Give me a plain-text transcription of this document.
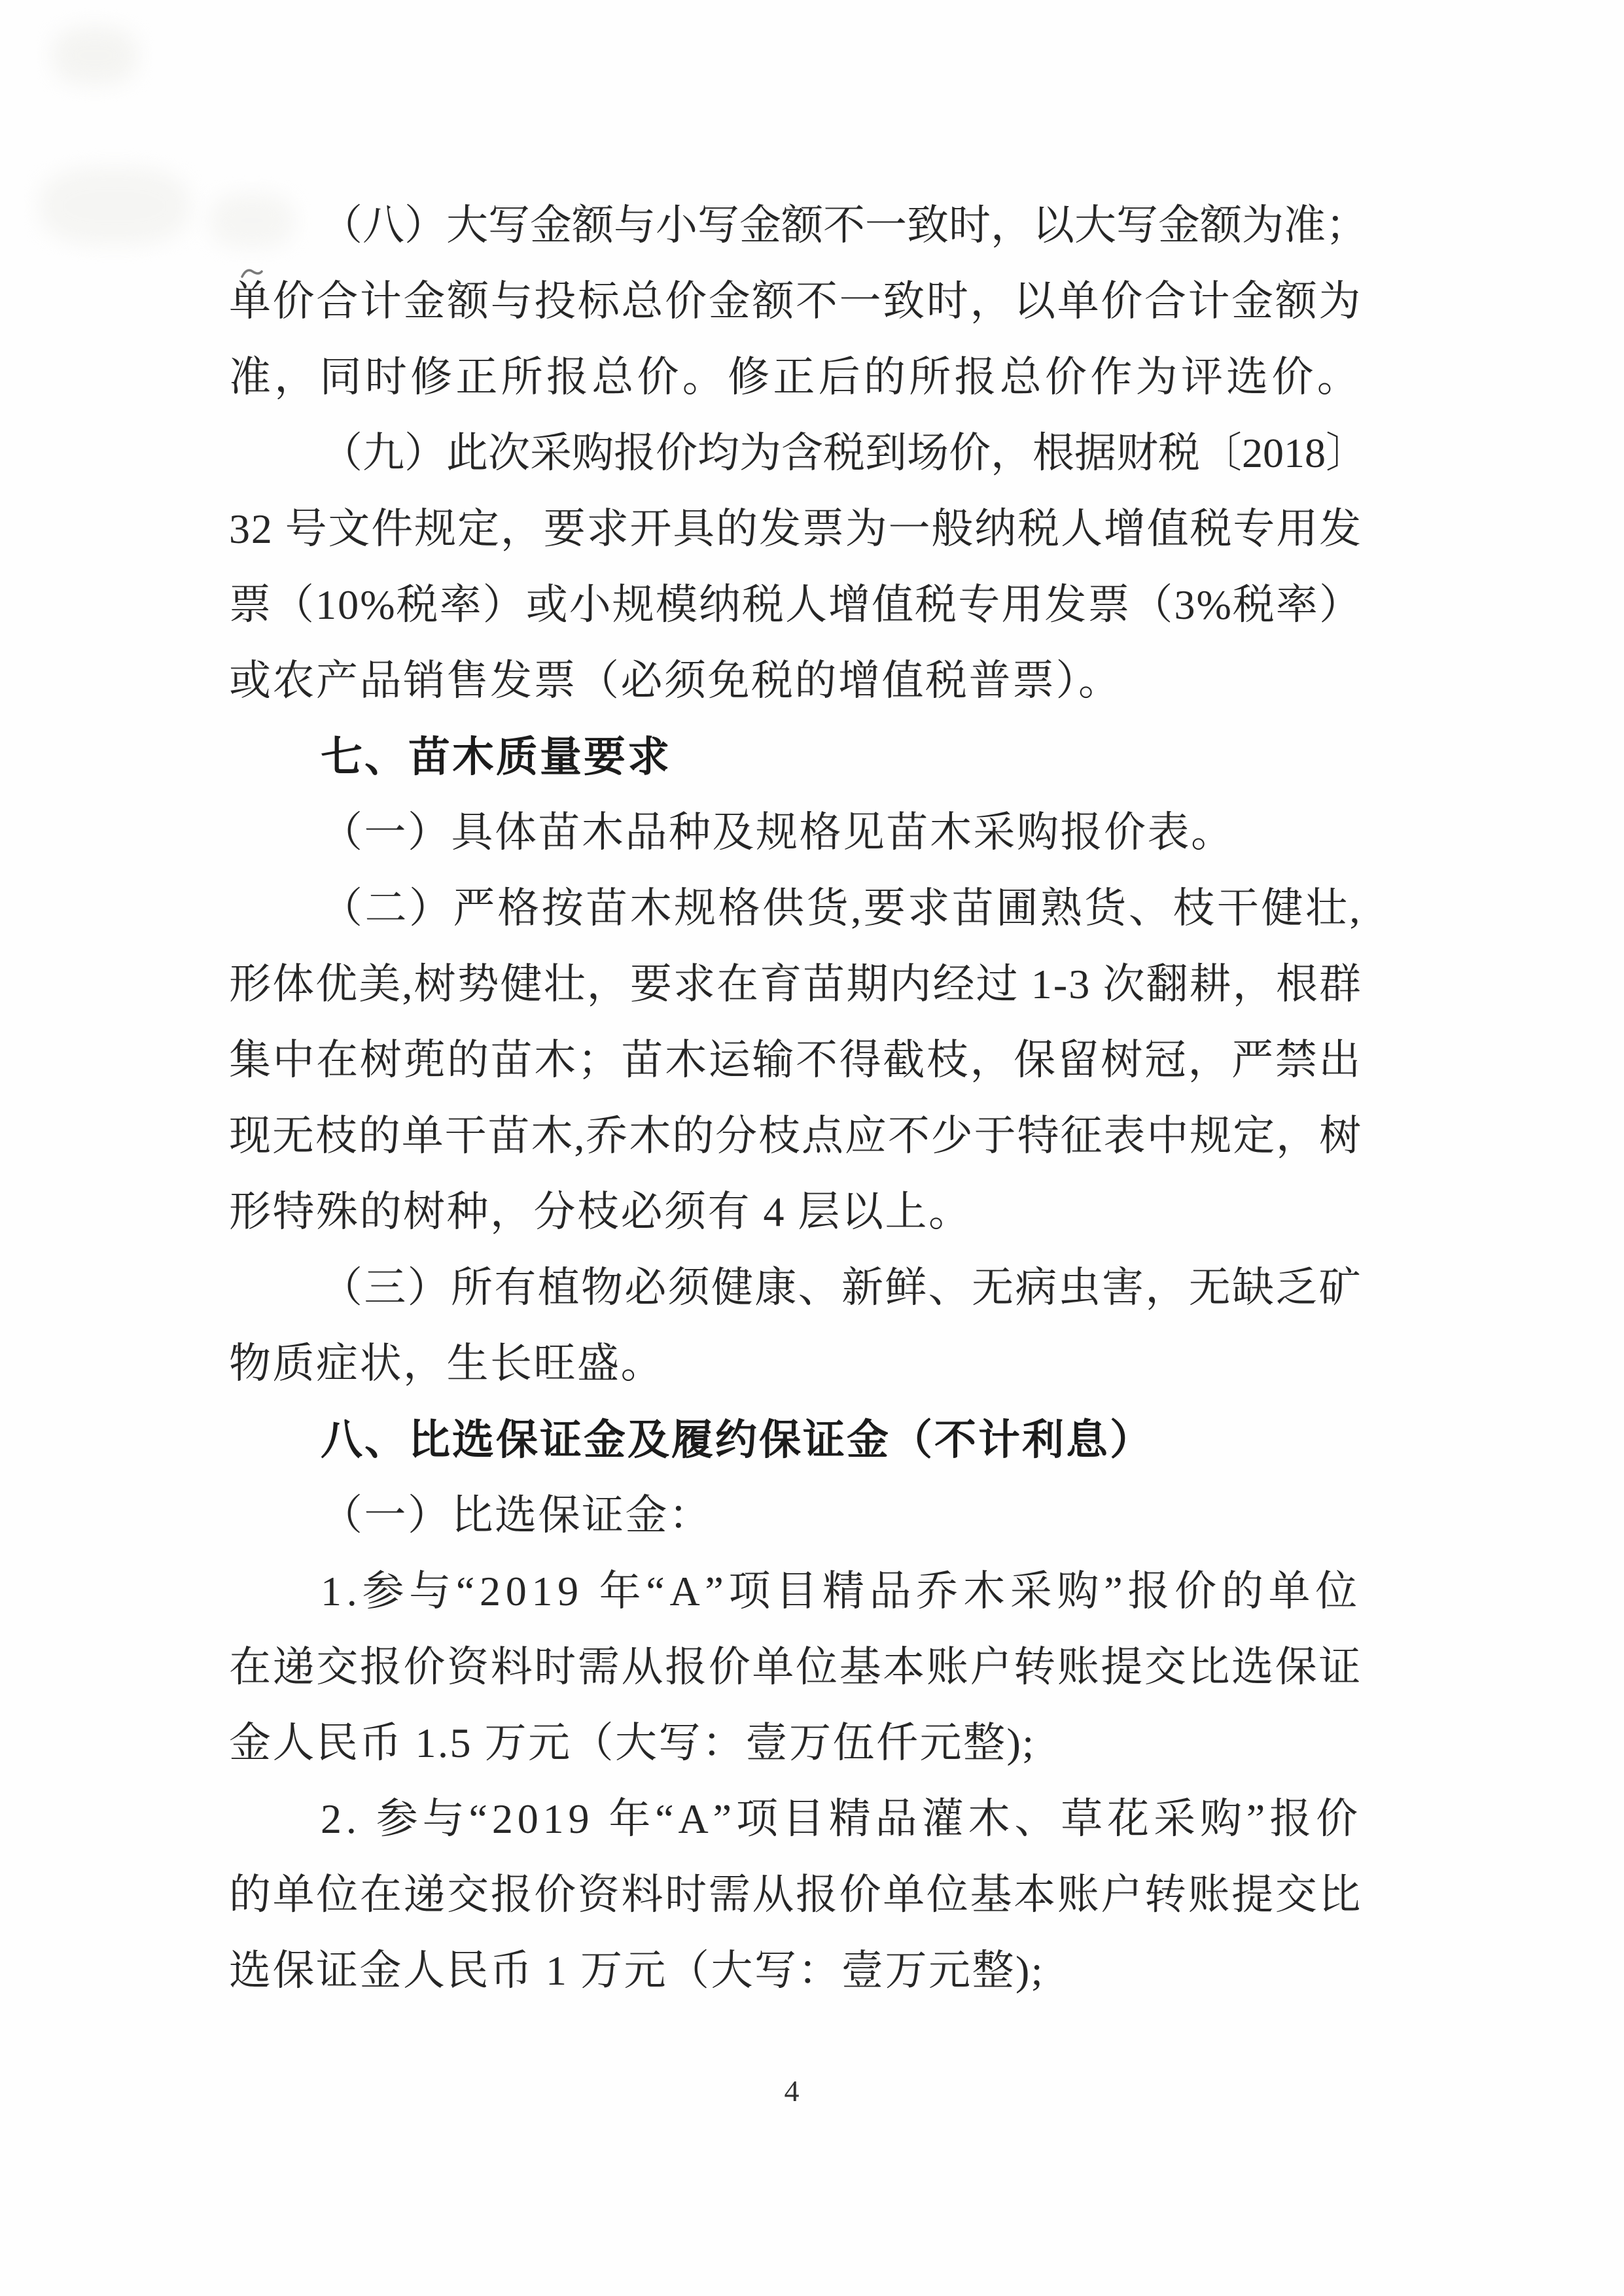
（八）大写金额与小写金额不一致时，以大写金额为准；
单价合计金额与投标总价金额不一致时，以单价合计金额为
准，同时修正所报总价。修正后的所报总价作为评选价。
（九）此次采购报价均为含税到场价，根据财税〔2018〕
32 号文件规定，要求开具的发票为一般纳税人增值税专用发
票（10%税率）或小规模纳税人增值税专用发票（3%税率）
或农产品销售发票（必须免税的增值税普票）。
七、苗木质量要求
（一）具体苗木品种及规格见苗木采购报价表。
（二）严格按苗木规格供货,要求苗圃熟货、枝干健壮,
形体优美,树势健壮，要求在育苗期内经过 1-3 次翻耕，根群
集中在树蔸的苗木；苗木运输不得截枝，保留树冠，严禁出
现无枝的单干苗木,乔木的分枝点应不少于特征表中规定，树
形特殊的树种，分枝必须有 4 层以上。
（三）所有植物必须健康、新鲜、无病虫害，无缺乏矿
物质症状，生长旺盛。
八、比选保证金及履约保证金（不计利息）
（一）比选保证金：
1.参与“2019 年“A”项目精品乔木采购”报价的单位
在递交报价资料时需从报价单位基本账户转账提交比选保证
金人民币 1.5 万元（大写：壹万伍仟元整);
2. 参与“2019 年“A”项目精品灌木、草花采购”报价
的单位在递交报价资料时需从报价单位基本账户转账提交比
选保证金人民币 1 万元（大写：壹万元整);
4
